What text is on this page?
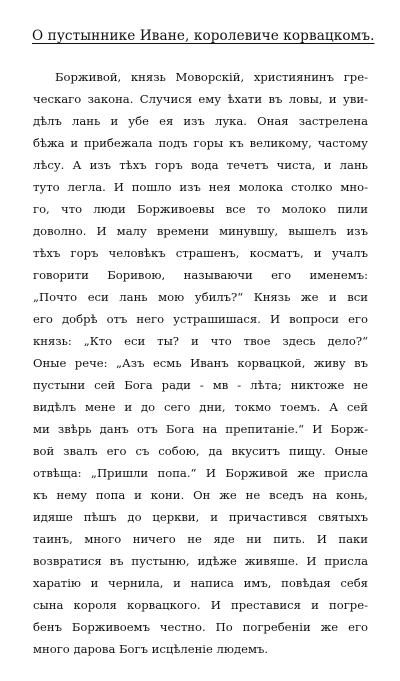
О пустыннике Иване, королевиче корвацкомъ.
Борживой, князь Моворскій, християнинъ гре-
ческаго закона. Случися ему ѣхати въ ловы, и уви-
дѣлъ лань и убе ея изъ лука. Оная застрелена
бѣжа и прибежала подъ горы къ великому, частому
лѣсу. А изъ тѣхъ горъ вода течетъ чиста, и лань
туто легла. И пошло изъ нея молока столко мно-
го, что люди Борживоевы все то молоко пили
доволно. И малу времени минувшу, вышелъ изъ
тѣхъ горъ человѣкъ страшенъ, косматъ, и учалъ
говорити Боривою, называючи его именемъ:
„Почто еси лань мою убилъ?“ Князь же и вси
его добрѣ отъ него устрашишася. И вопроси его
князь: „Кто еси ты? и что твое здесь дело?“
Оные рече: „Азъ есмь Иванъ корвацкой, живу въ
пустыни сей Бога ради - мв - лѣта; никтоже не
видѣлъ мене и до сего дни, токмо тоемъ. А сей
ми звѣрь данъ отъ Бога на препитаніе.“ И Борж-
вой звалъ его съ собою, да вкуситъ пищу. Оные
отвѣща: „Пришли попа.“ И Борживой же присла
къ нему попа и кони. Он же не вседъ на конь,
идяше пѣшъ до церкви, и причастився святыхъ
таинъ, много ничего не яде ни пить. И паки
возвратися въ пустыню, идѣже живяше. И присла
харатію и чернила, и написа имъ, повѣдая себя
сына короля корвацкого. И преставися и погре-
бенъ Борживоемъ честно. По погребенiи же его
много дарова Богъ исцѣленіе людемъ.
